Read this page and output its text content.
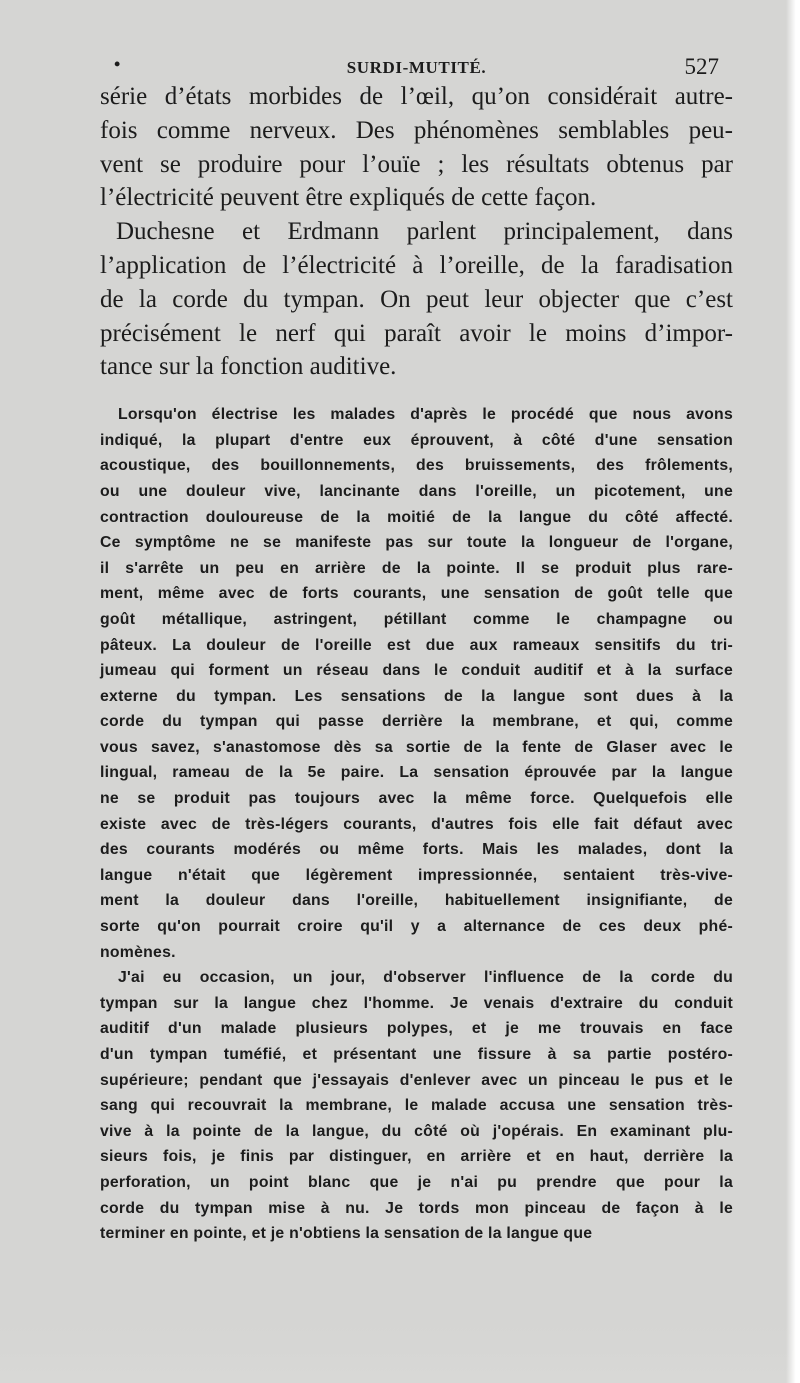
•	SURDI-MUTITÉ.	527

série d’états morbides de l’œil, qu’on considérait autre-
fois comme nerveux. Des phénomènes semblables peu-
vent se produire pour l’ouïe ; les résultats obtenus par
l’électricité peuvent être expliqués de cette façon.

Duchesne et Erdmann parlent principalement, dans
l’application de l’électricité à l’oreille, de la faradisation
de la corde du tympan. On peut leur objecter que c’est
précisément le nerf qui paraît avoir le moins d’impor-
tance sur la fonction auditive.

Lorsqu'on électrise les malades d'après le procédé que nous avons
indiqué, la plupart d'entre eux éprouvent, à côté d'une sensation
acoustique, des bouillonnements, des bruissements, des frôlements,
ou une douleur vive, lancinante dans l'oreille, un picotement, une
contraction douloureuse de la moitié de la langue du côté affecté.
Ce symptôme ne se manifeste pas sur toute la longueur de l'organe,
il s'arrête un peu en arrière de la pointe. Il se produit plus rare-
ment, même avec de forts courants, une sensation de goût telle que
goût métallique, astringent, pétillant comme le champagne ou
pâteux. La douleur de l'oreille est due aux rameaux sensitifs du tri-
jumeau qui forment un réseau dans le conduit auditif et à la surface
externe du tympan. Les sensations de la langue sont dues à la
corde du tympan qui passe derrière la membrane, et qui, comme
vous savez, s'anastomose dès sa sortie de la fente de Glaser avec le
lingual, rameau de la 5e paire. La sensation éprouvée par la langue
ne se produit pas toujours avec la même force. Quelquefois elle
existe avec de très-légers courants, d'autres fois elle fait défaut avec
des courants modérés ou même forts. Mais les malades, dont la
langue n'était que légèrement impressionnée, sentaient très-vive-
ment la douleur dans l'oreille, habituellement insignifiante, de
sorte qu'on pourrait croire qu'il y a alternance de ces deux phé-
nomènes.

J'ai eu occasion, un jour, d'observer l'influence de la corde du
tympan sur la langue chez l'homme. Je venais d'extraire du conduit
auditif d'un malade plusieurs polypes, et je me trouvais en face
d'un tympan tuméfié, et présentant une fissure à sa partie postéro-
supérieure; pendant que j'essayais d'enlever avec un pinceau le pus et le
sang qui recouvrait la membrane, le malade accusa une sensation très-
vive à la pointe de la langue, du côté où j'opérais. En examinant plu-
sieurs fois, je finis par distinguer, en arrière et en haut, derrière la
perforation, un point blanc que je n'ai pu prendre que pour la
corde du tympan mise à nu. Je tords mon pinceau de façon à le
terminer en pointe, et je n'obtiens la sensation de la langue que
